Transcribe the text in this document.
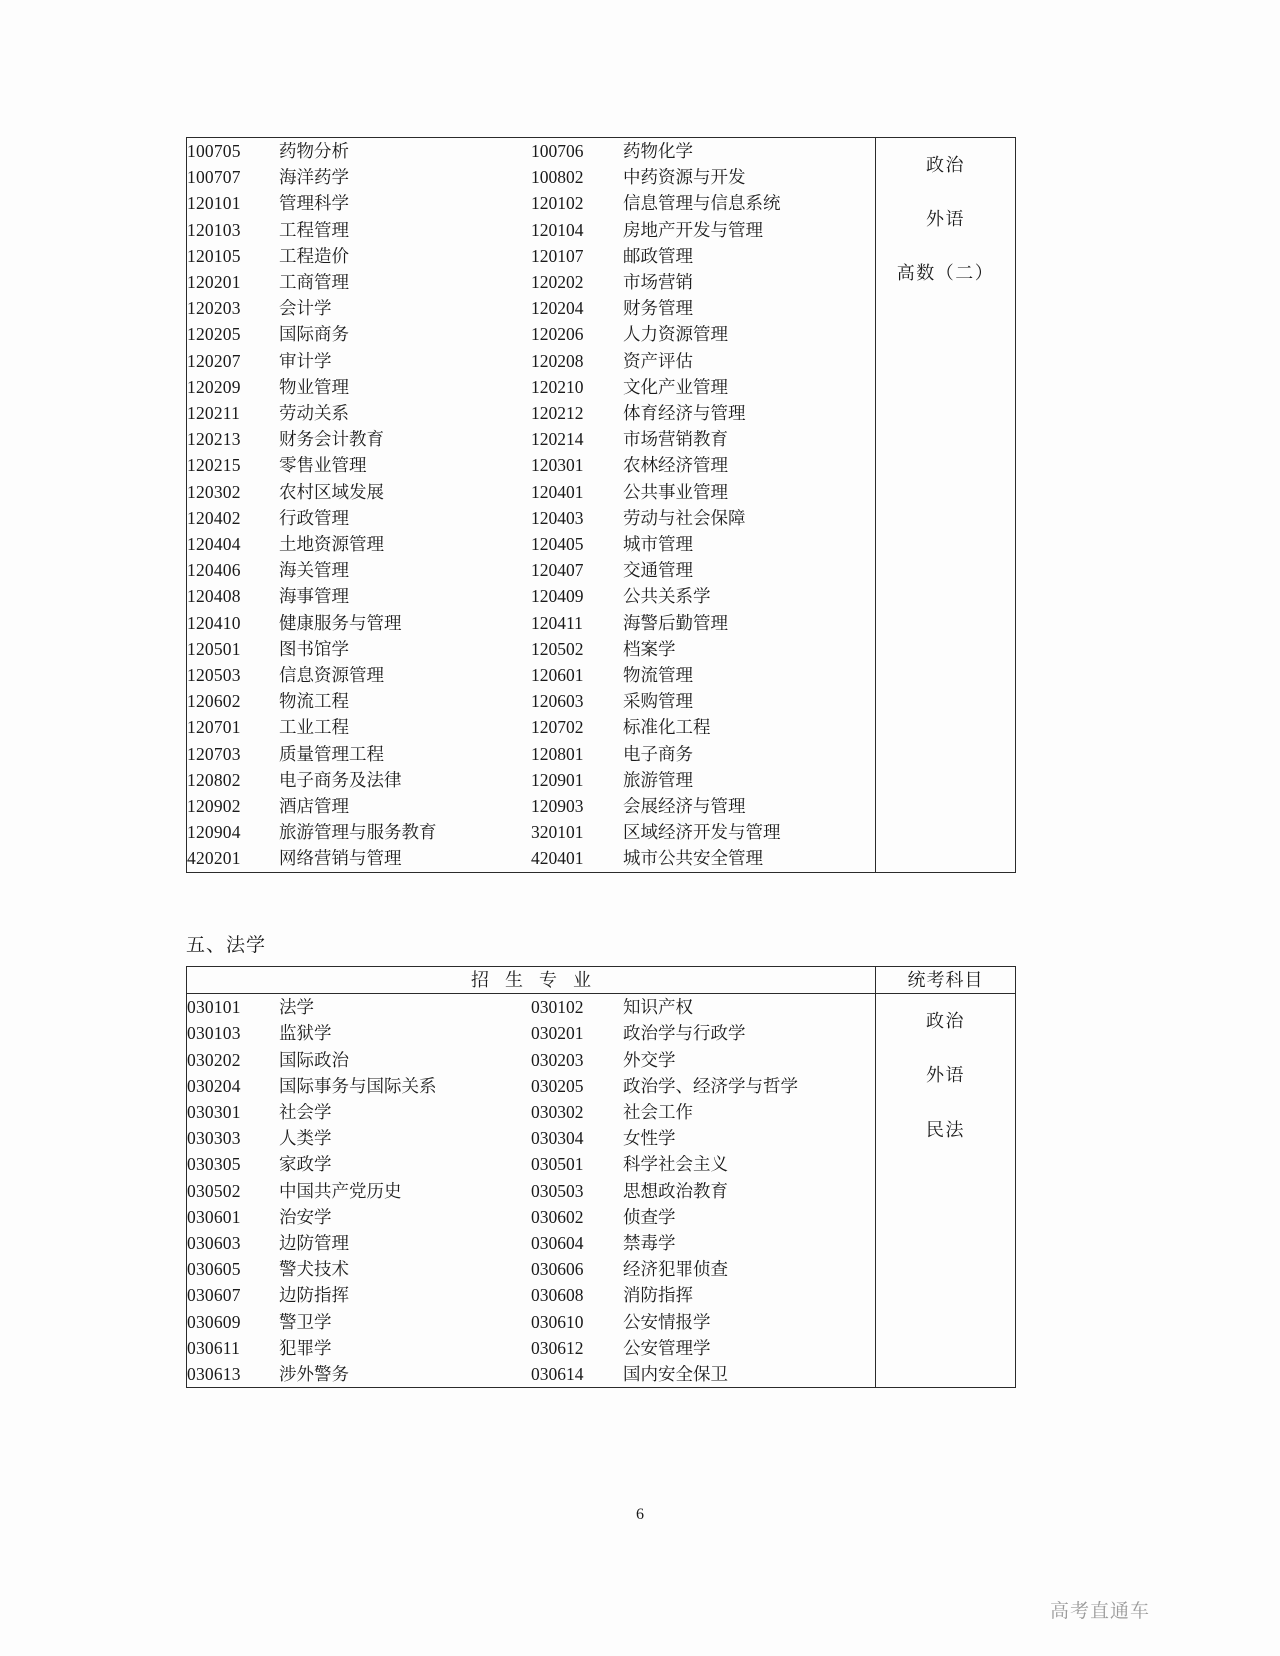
100705	药物分析	100706	药物化学
100707	海洋药学	100802	中药资源与开发
120101	管理科学	120102	信息管理与信息系统
120103	工程管理	120104	房地产开发与管理
120105	工程造价	120107	邮政管理
120201	工商管理	120202	市场营销
120203	会计学	120204	财务管理
120205	国际商务	120206	人力资源管理
120207	审计学	120208	资产评估
120209	物业管理	120210	文化产业管理
120211	劳动关系	120212	体育经济与管理
120213	财务会计教育	120214	市场营销教育
120215	零售业管理	120301	农林经济管理
120302	农村区域发展	120401	公共事业管理
120402	行政管理	120403	劳动与社会保障
120404	土地资源管理	120405	城市管理
120406	海关管理	120407	交通管理
120408	海事管理	120409	公共关系学
120410	健康服务与管理	120411	海警后勤管理
120501	图书馆学	120502	档案学
120503	信息资源管理	120601	物流管理
120602	物流工程	120603	采购管理
120701	工业工程	120702	标准化工程
120703	质量管理工程	120801	电子商务
120802	电子商务及法律	120901	旅游管理
120902	酒店管理	120903	会展经济与管理
120904	旅游管理与服务教育	320101	区域经济开发与管理
420201	网络营销与管理	420401	城市公共安全管理

政治
外语
高数（二）
五、法学
招生专业	统考科目

030101	法学	030102	知识产权
030103	监狱学	030201	政治学与行政学
030202	国际政治	030203	外交学
030204	国际事务与国际关系	030205	政治学、经济学与哲学
030301	社会学	030302	社会工作
030303	人类学	030304	女性学
030305	家政学	030501	科学社会主义
030502	中国共产党历史	030503	思想政治教育
030601	治安学	030602	侦查学
030603	边防管理	030604	禁毒学
030605	警犬技术	030606	经济犯罪侦查
030607	边防指挥	030608	消防指挥
030609	警卫学	030610	公安情报学
030611	犯罪学	030612	公安管理学
030613	涉外警务	030614	国内安全保卫

政治
外语
民法
6
高考直通车
